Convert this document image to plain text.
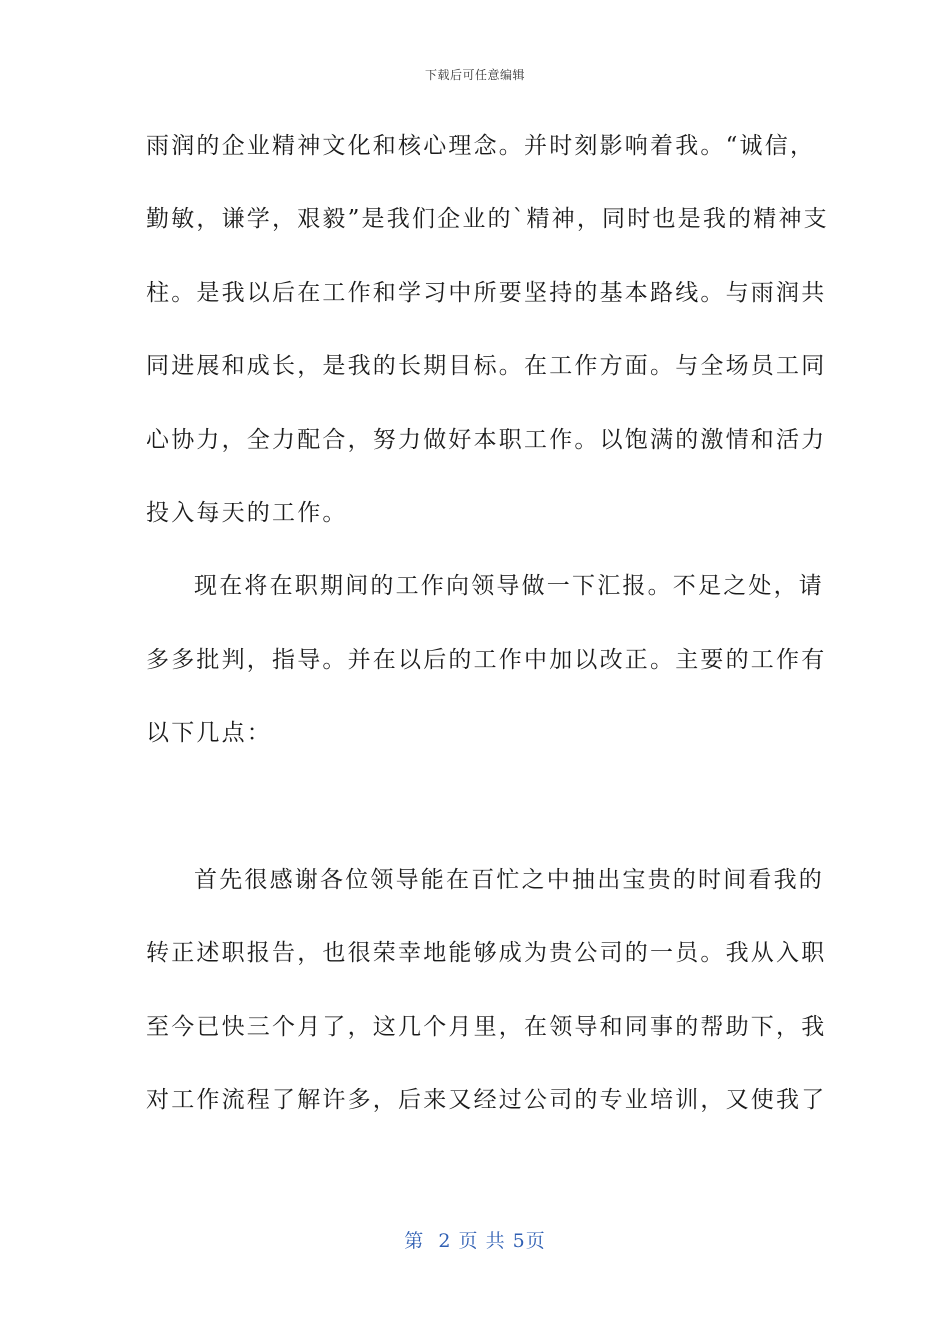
下载后可任意编辑
雨润的企业精神文化和核心理念。并时刻影响着我。“诚信，
勤敏，谦学，艰毅”是我们企业的`精神，同时也是我的精神支
柱。是我以后在工作和学习中所要坚持的基本路线。与雨润共
同进展和成长，是我的长期目标。在工作方面。与全场员工同
心协力，全力配合，努力做好本职工作。以饱满的激情和活力
投入每天的工作。
现在将在职期间的工作向领导做一下汇报。不足之处，请
多多批判，指导。并在以后的工作中加以改正。主要的工作有
以下几点：
首先很感谢各位领导能在百忙之中抽出宝贵的时间看我的
转正述职报告，也很荣幸地能够成为贵公司的一员。我从入职
至今已快三个月了，这几个月里，在领导和同事的帮助下，我
对工作流程了解许多，后来又经过公司的专业培训，又使我了
第 2 页 共 5页
